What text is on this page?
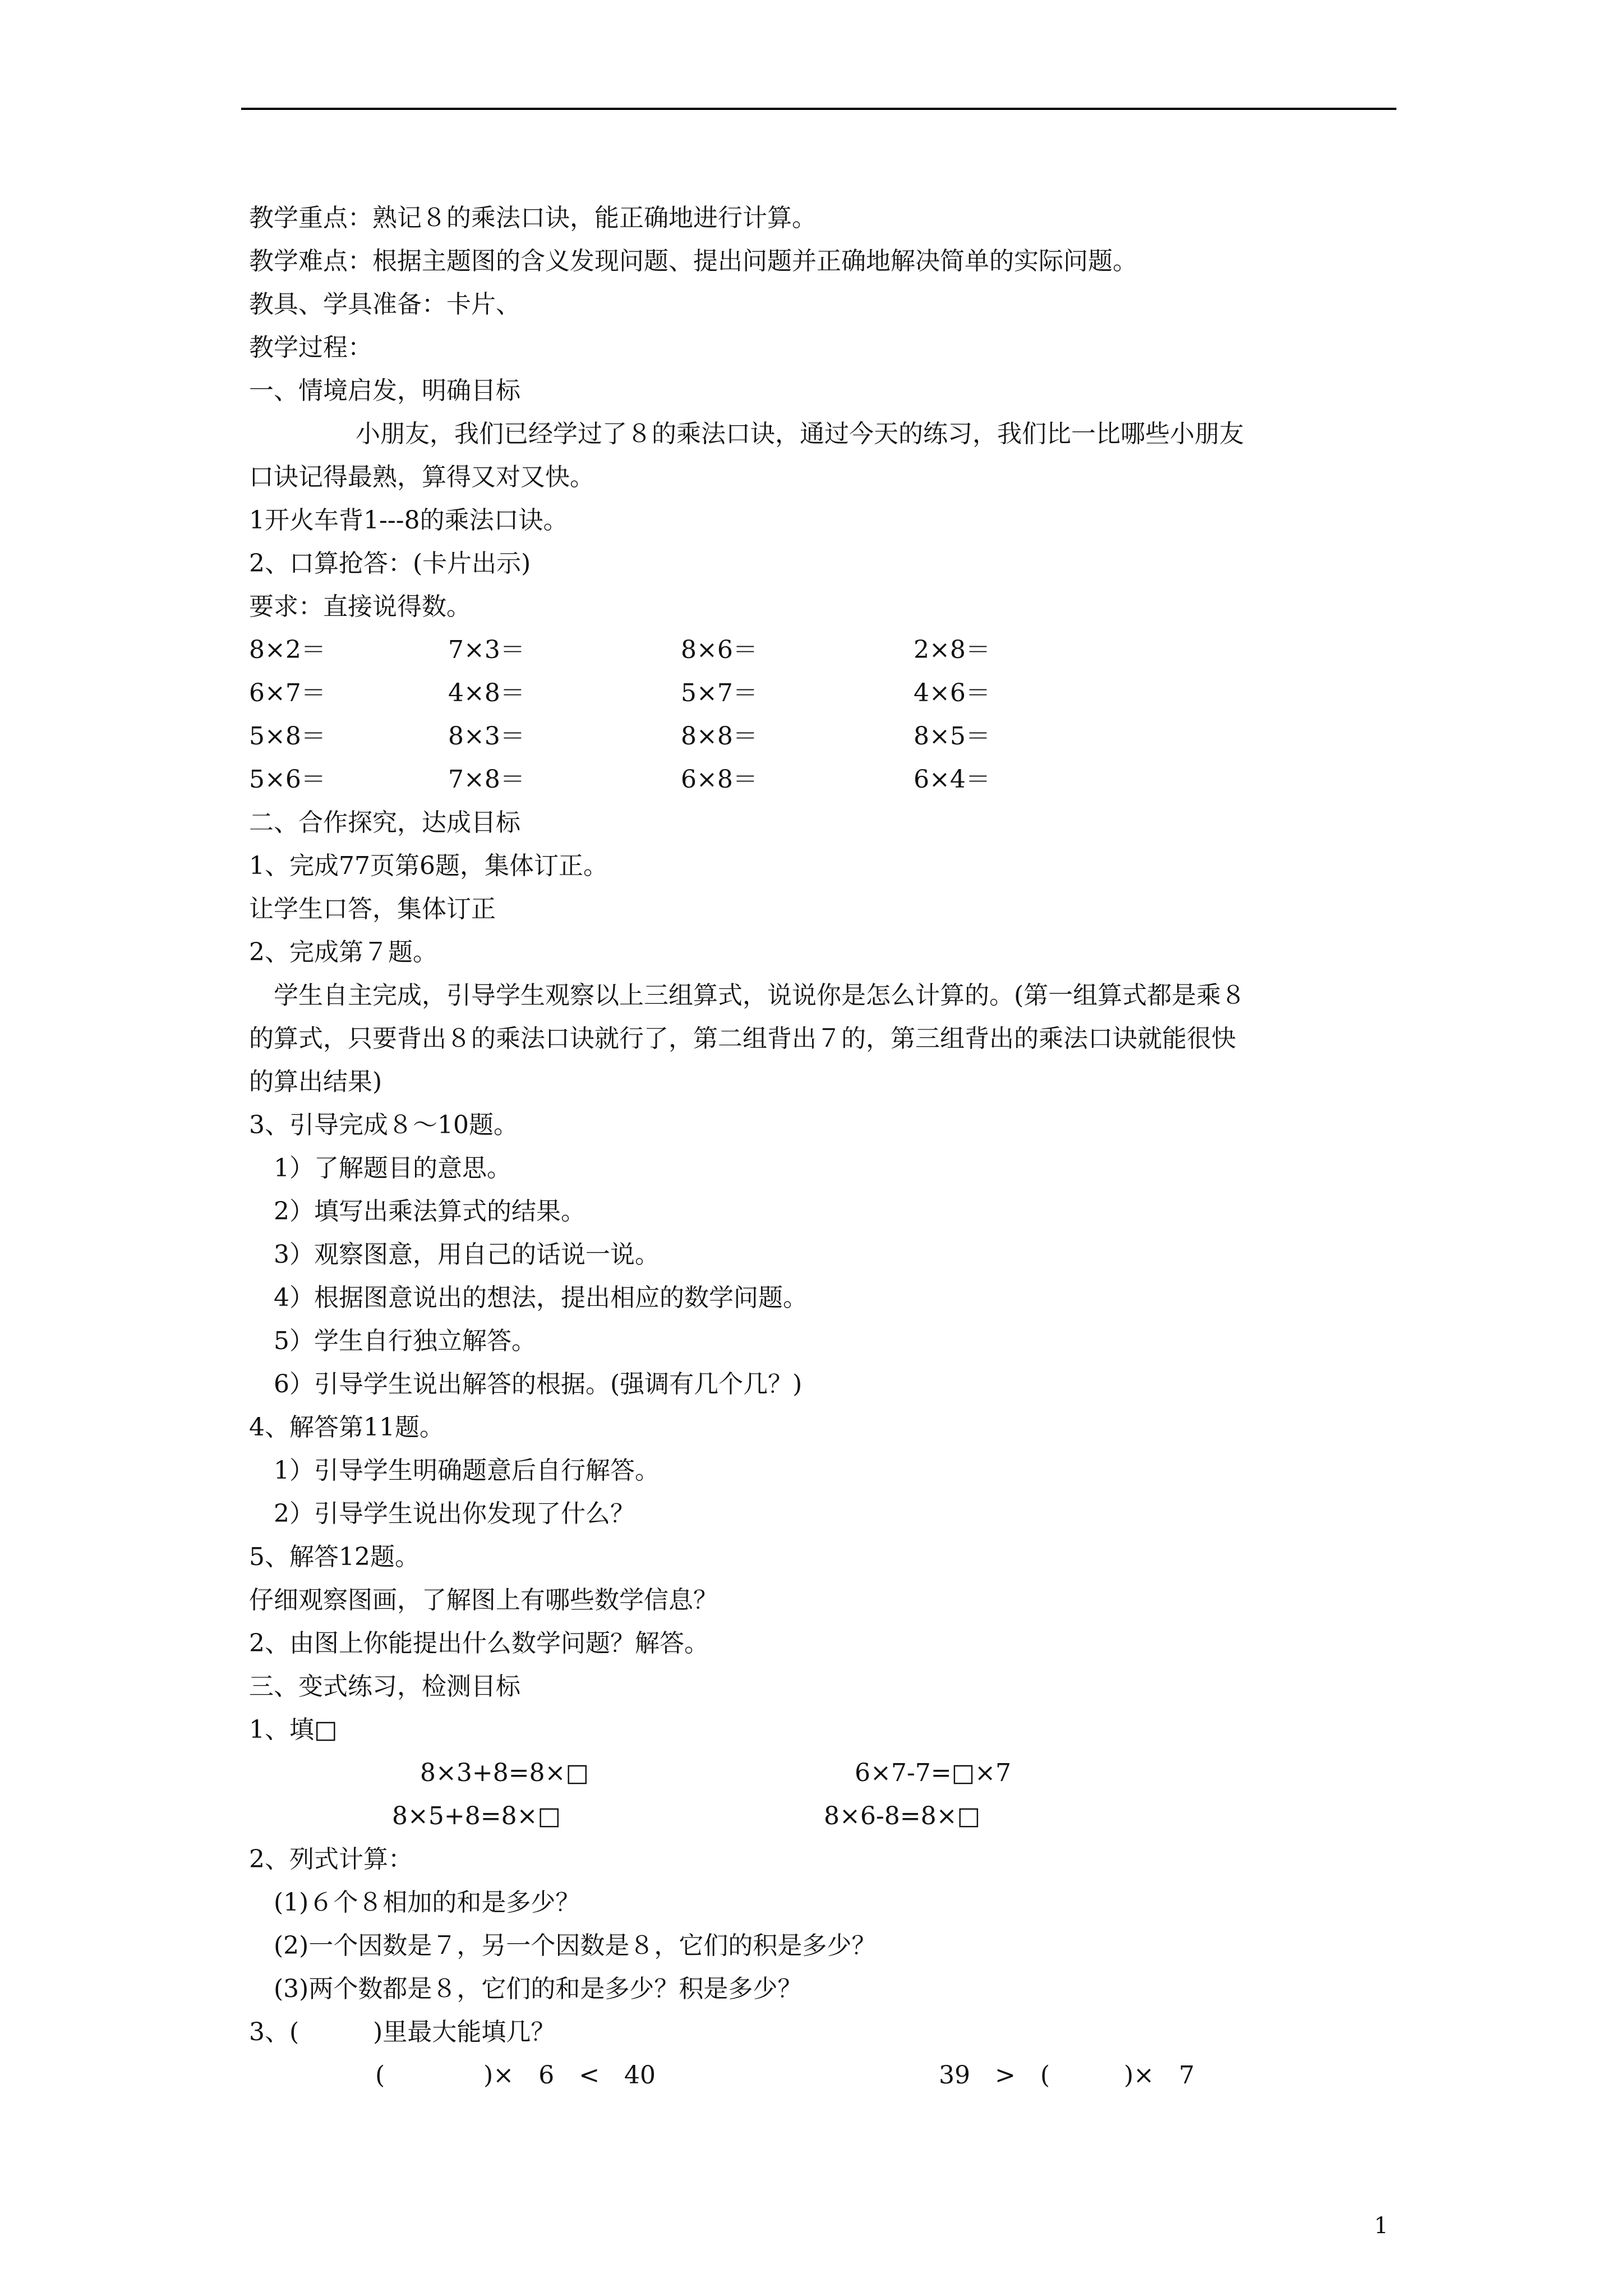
教学重点：熟记８的乘法口诀，能正确地进行计算。
教学难点：根据主题图的含义发现问题、提出问题并正确地解决简单的实际问题。
教具、学具准备：卡片、
教学过程：
一、情境启发，明确目标
小朋友，我们已经学过了８的乘法口诀，通过今天的练习，我们比一比哪些小朋友
口诀记得最熟，算得又对又快。
1开火车背1---8的乘法口诀。
2、口算抢答：(卡片出示)
要求：直接说得数。
8×2＝	7×3＝	8×6＝	2×8＝
6×7＝	4×8＝	5×7＝	4×6＝
5×8＝	8×3＝	8×8＝	8×5＝
5×6＝	7×8＝	6×8＝	6×4＝
二、合作探究，达成目标
1、完成77页第6题，集体订正。
让学生口答，集体订正
2、完成第７题。
学生自主完成，引导学生观察以上三组算式，说说你是怎么计算的。(第一组算式都是乘８
的算式，只要背出８的乘法口诀就行了，第二组背出７的，第三组背出的乘法口诀就能很快
的算出结果)
3、引导完成８～10题。
1）了解题目的意思。
2）填写出乘法算式的结果。
3）观察图意，用自己的话说一说。
4）根据图意说出的想法，提出相应的数学问题。
5）学生自行独立解答。
6）引导学生说出解答的根据。(强调有几个几？)
4、解答第11题。
1）引导学生明确题意后自行解答。
2）引导学生说出你发现了什么？
5、解答12题。
仔细观察图画，了解图上有哪些数学信息？
2、由图上你能提出什么数学问题？解答。
三、变式练习，检测目标
1、填□
8×3+8=8×□	6×7-7=□×7
8×5+8=8×□	8×6-8=8×□
2、列式计算：
(1)６个８相加的和是多少？
(2)一个因数是７，另一个因数是８，它们的积是多少？
(3)两个数都是８，它们的和是多少？积是多少？
3、(　　　)里最大能填几？
(　　　　)×　6　<　40	39　>　(　　　)×　7
1
